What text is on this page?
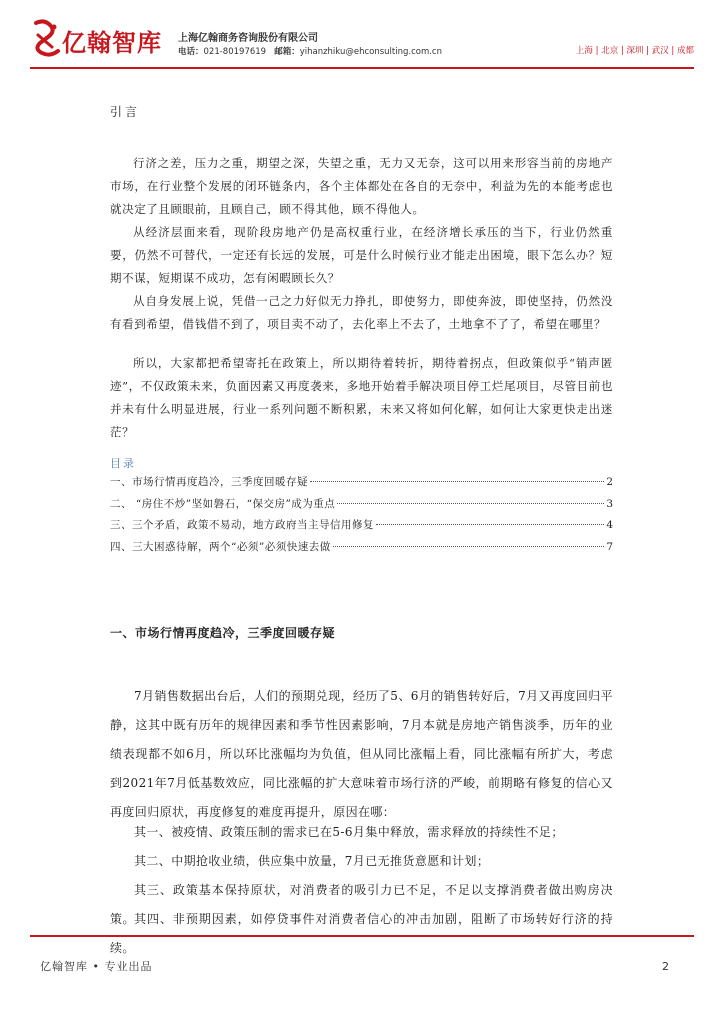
亿翰智库 上海亿翰商务咨询股份有限公司
电话：021-80197619 邮箱：yihanzhiku@ehconsulting.com.cn	上海 | 北京 | 深圳 | 武汉 | 成都
引言

行济之差，压力之重，期望之深，失望之重，无力又无奈，这可以用来形容当前的房地产市场，在行业整个发展的闭环链条内，各个主体都处在各自的无奈中，利益为先的本能考虑也就决定了且顾眼前，且顾自己，顾不得其他，顾不得他人。

从经济层面来看，现阶段房地产仍是高权重行业，在经济增长承压的当下，行业仍然重要，仍然不可替代，一定还有长远的发展，可是什么时候行业才能走出困境，眼下怎么办？短期不谋，短期谋不成功，怎有闲暇顾长久？

从自身发展上说，凭借一己之力好似无力挣扎，即使努力，即使奔波，即使坚持，仍然没有看到希望，借钱借不到了，项目卖不动了，去化率上不去了，土地拿不了了，希望在哪里？

所以，大家都把希望寄托在政策上，所以期待着转折，期待着拐点，但政策似乎“销声匿迹”，不仅政策未来，负面因素又再度袭来，多地开始着手解决项目停工烂尾项目，尽管目前也并未有什么明显进展，行业一系列问题不断积累，未来又将如何化解，如何让大家更快走出迷茫？

目录
一、市场行情再度趋冷，三季度回暖存疑	2
二、 “房住不炒”坚如磐石，“保交房”成为重点	3
三、三个矛盾，政策不易动，地方政府当主导信用修复	4
四、三大困惑待解，两个“必须”必须快速去做	7
一、市场行情再度趋冷，三季度回暖存疑

7月销售数据出台后，人们的预期兑现，经历了5、6月的销售转好后，7月又再度回归平静，这其中既有历年的规律因素和季节性因素影响，7月本就是房地产销售淡季，历年的业绩表现都不如6月，所以环比涨幅均为负值，但从同比涨幅上看，同比涨幅有所扩大，考虑到2021年7月低基数效应，同比涨幅的扩大意味着市场行济的严峻，前期略有修复的信心又再度回归原状，再度修复的难度再提升，原因在哪：

其一、被疫情、政策压制的需求已在5-6月集中释放，需求释放的持续性不足；

其二、中期抢收业绩，供应集中放量，7月已无推货意愿和计划；

其三、政策基本保持原状，对消费者的吸引力已不足，不足以支撑消费者做出购房决策。 其四、非预期因素，如停贷事件对消费者信心的冲击加剧，阻断了市场转好行济的持续。

亿翰智库 • 专业出品	2
